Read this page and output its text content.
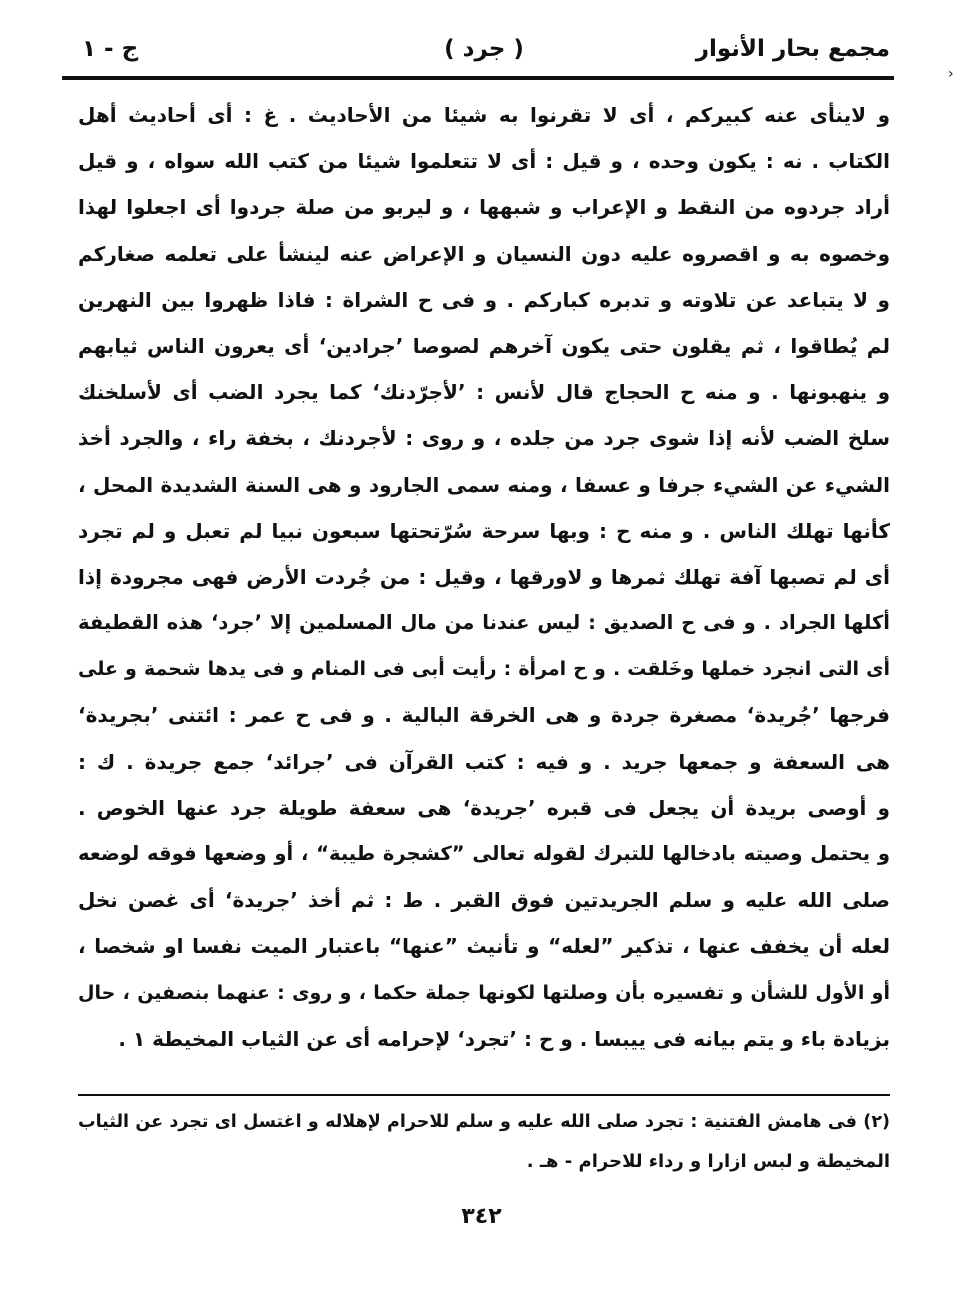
ج - ١	( جرد )	مجمع بحار الأنوار
›
و لاينأى عنه كبيركم ، أى لا تقرنوا به شيئا من الأحاديث . غ : أى أحاديث أهل
الكتاب . نه : يكون وحده ، و قيل : أى لا تتعلموا شيئا من كتب الله سواه ، و قيل
أراد جردوه من النقط و الإعراب و شبهها ، و ليربو من صلة جردوا أى اجعلوا لهذا
وخصوه به و اقصروه عليه دون النسيان و الإعراض عنه لينشأ على تعلمه صغاركم
و لا يتباعد عن تلاوته و تدبره كبارکم . و فى ح الشراة : فاذا ظهروا بين النهرين
لم يُطاقوا ، ثم يقلون حتى يكون آخرهم لصوصا ’جرادين‘ أى يعرون الناس ثيابهم
و ينهبونها . و منه ح الحجاج قال لأنس : ’لأجرّدنك‘ كما يجرد الضب أى لأسلخنك
سلخ الضب لأنه إذا شوى جرد من جلده ، و روى : لأجردنك ، بخفة راء ، والجرد أخذ
الشيء عن الشيء جرفا و عسفا ، ومنه سمى الجارود و هى السنة الشديدة المحل ،
كأنها تهلك الناس . و منه ح : وبها سرحة سُرّتحتها سبعون نبيا لم تعبل و لم تجرد
أى لم تصبها آفة تهلك ثمرها و لاورقها ، وقيل : من جُردت الأرض فهى مجرودة إذا
أكلها الجراد . و فى ح الصديق : ليس عندنا من مال المسلمين إلا ’جرد‘ هذه القطيفة
أى التى انجرد خملها وخَلقت . و ح امرأة : رأيت أبى فى المنام و فى يدها شحمة و على
فرجها ’جُريدة‘ مصغرة جردة و هى الخرقة البالية . و فى ح عمر : ائتنى ’بجريدة‘
هى السعفة و جمعها جريد . و فيه : كتب القرآن فى ’جرائد‘ جمع جريدة . ك :
و أوصى بريدة أن يجعل فى قبره ’جريدة‘ هى سعفة طويلة جرد عنها الخوص .
و يحتمل وصيته بادخالها للتبرك لقوله تعالى ”كشجرة طيبة“ ، أو وضعها فوقه لوضعه
صلى الله عليه و سلم الجريدتين فوق القبر . ط : ثم أخذ ’جريدة‘ أى غصن نخل
لعله أن يخفف عنها ، تذكير ”لعله“ و تأنيث ”عنها“ باعتبار الميت نفسا او شخصا ،
أو الأول للشأن و تفسيره بأن وصلتها لكونها جملة حكما ، و روى : عنهما بنصفين ، حال
بزيادة باء و يتم بيانه فى ييبسا . و ح : ’تجرد‘ لإحرامه أى عن الثياب المخيطة ١ .
(٢) فى هامش الفتنية : تجرد صلى الله عليه و سلم للاحرام لإهلاله و اغتسل اى تجرد عن الثياب
المخيطة و لبس ازارا و رداء للاحرام - هـ .
٣٤٢
